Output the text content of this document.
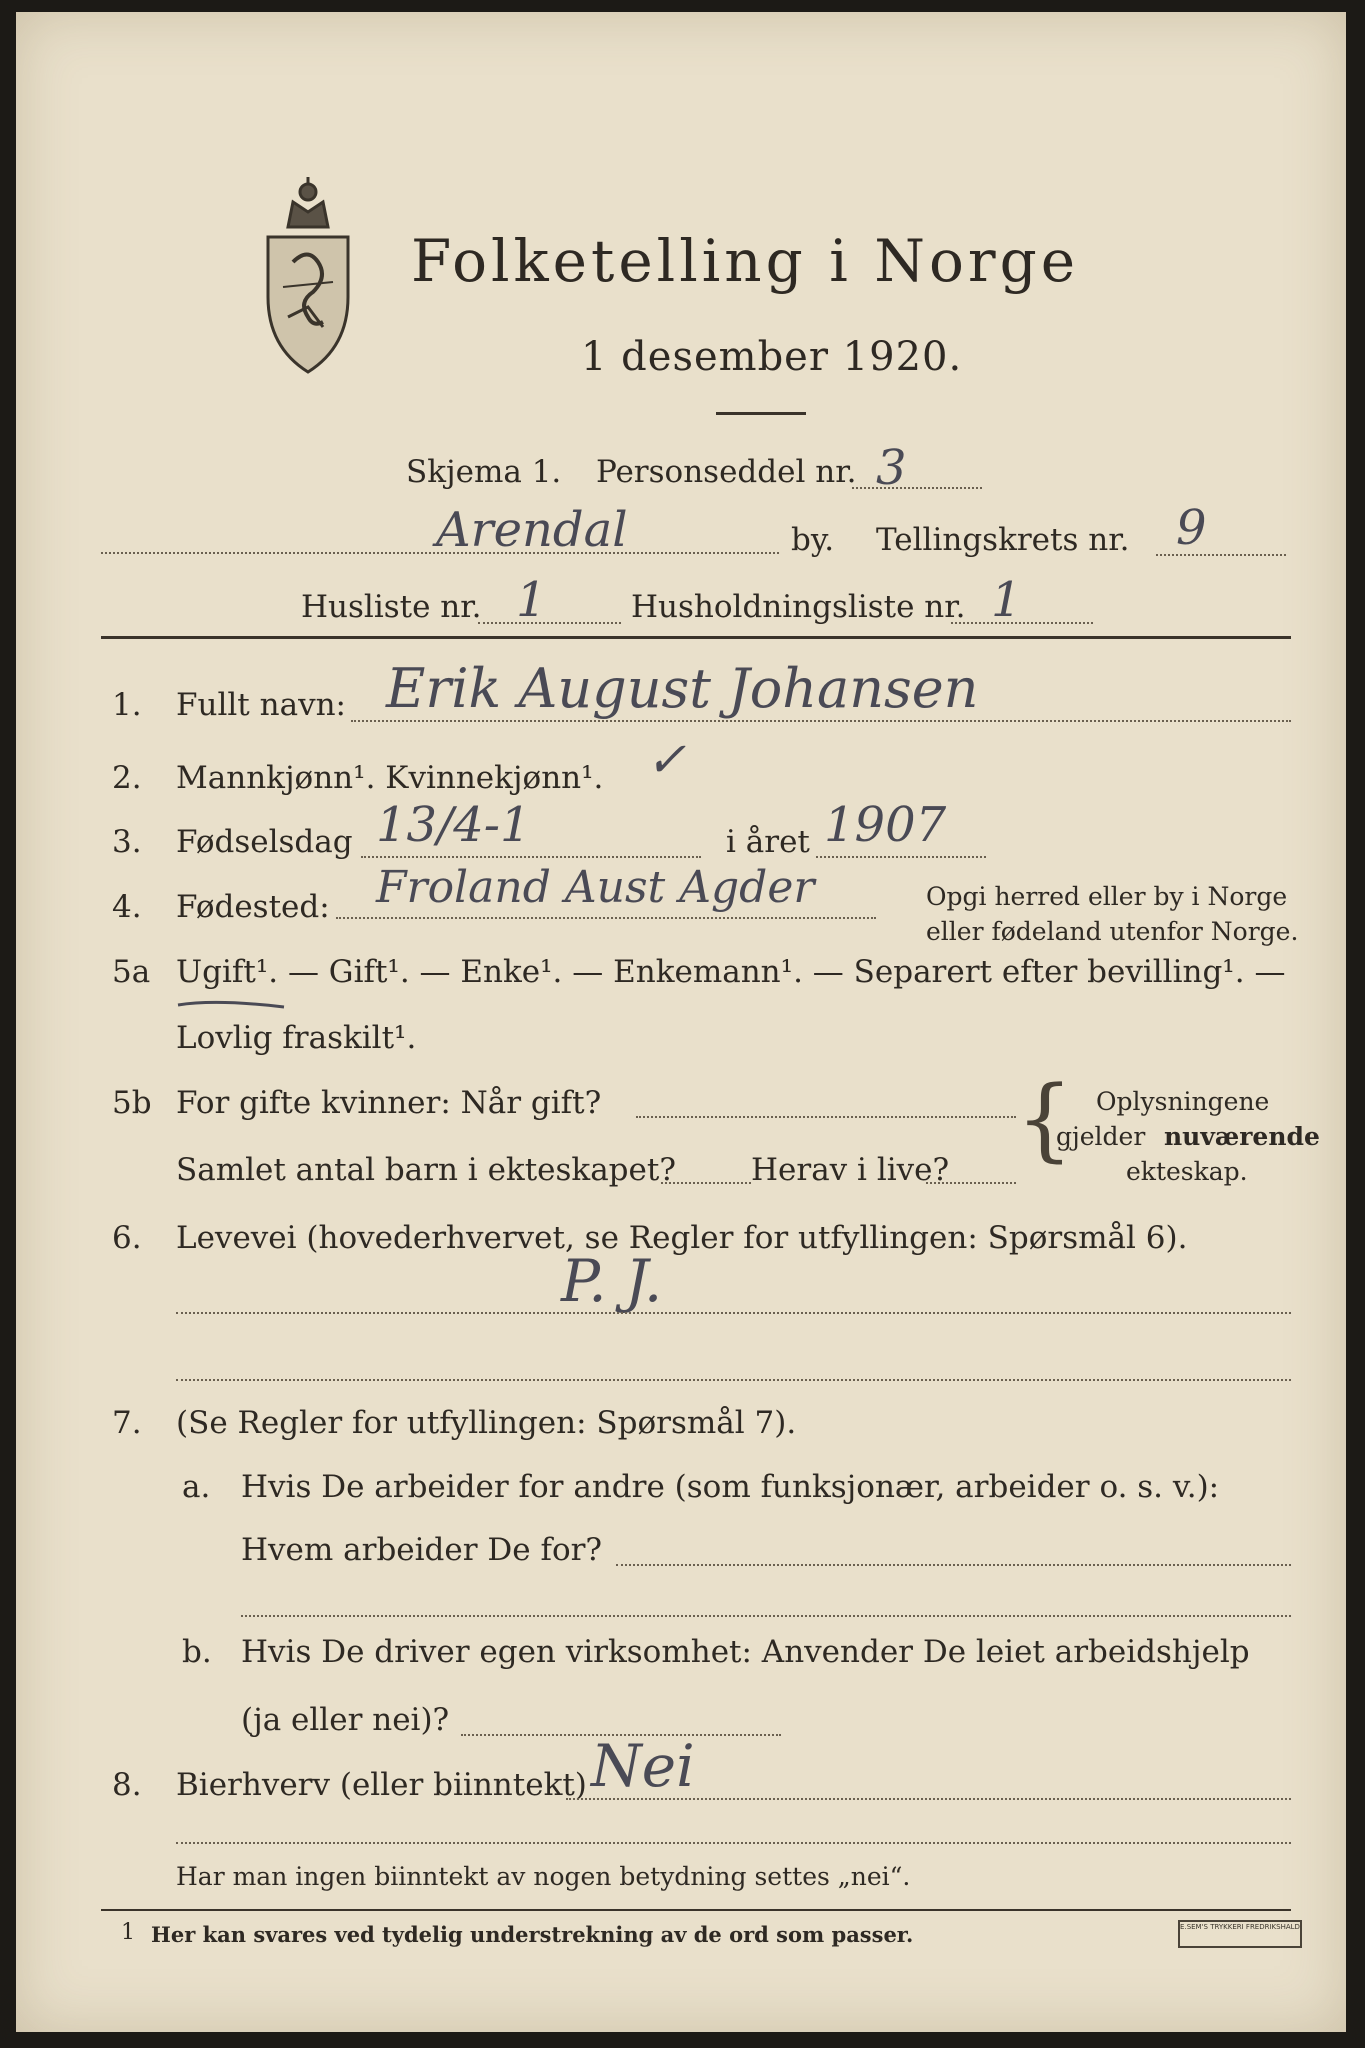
Folketelling i Norge
1 desember 1920.
Skjema 1. Personseddel nr. 3
Arendal	by. Tellingskrets nr. 9
Husliste nr. 1	Husholdningsliste nr. 1
1. Fullt navn: Erik August Johansen
2. Mannkjønn¹. Kvinnekjønn¹. ✓
3. Fødselsdag 13/4-1	i året 1907
4. Fødested: Froland Aust Agder	Opgi herred eller by i Norge
eller fødeland utenfor Norge.
5a Ugift¹. — Gift¹. — Enke¹. — Enkemann¹. — Separert efter bevilling¹. —
Lovlig fraskilt¹.
5b For gifte kvinner: Når gift?
Samlet antal barn i ekteskapet? Herav i live? { Oplysningene
gjelder nuværende
ekteskap.
6. Levevei (hovederhvervet, se Regler for utfyllingen: Spørsmål 6).
P. J.
7. (Se Regler for utfyllingen: Spørsmål 7).
a. Hvis De arbeider for andre (som funksjonær, arbeider o. s. v.):
Hvem arbeider De for?
b. Hvis De driver egen virksomhet: Anvender De leiet arbeidshjelp
(ja eller nei)?
8. Bierhverv (eller biinntekt) Nei
Har man ingen biinntekt av nogen betydning settes „nei“.
1 Her kan svares ved tydelig understrekning av de ord som passer.	E.SEM'S TRYKKERI FREDRIKSHALD
